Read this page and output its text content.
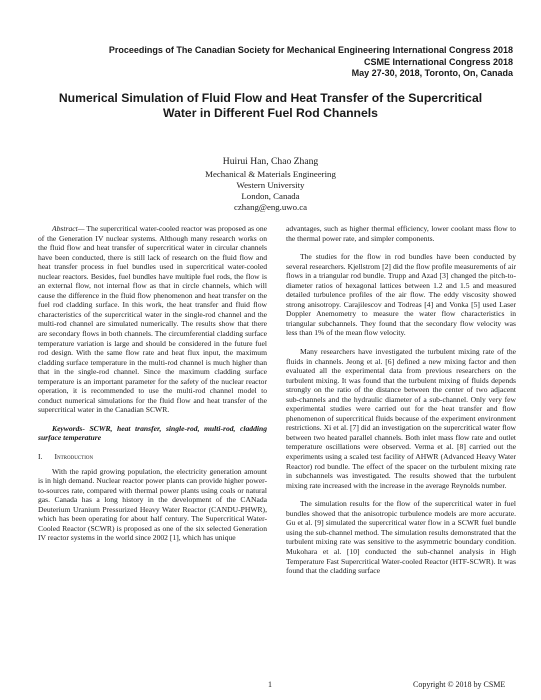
Proceedings of The Canadian Society for Mechanical Engineering International Congress 2018
CSME International Congress 2018
May 27-30, 2018, Toronto, On, Canada
Numerical Simulation of Fluid Flow and Heat Transfer of the Supercritical
Water in Different Fuel Rod Channels
Huirui Han, Chao Zhang
Mechanical & Materials Engineering
Western University
London, Canada
czhang@eng.uwo.ca

Abstract— The supercritical water-cooled reactor was proposed as one of the Generation IV nuclear systems. Although many research works on the fluid flow and heat transfer of supercritical water in circular channels have been conducted, there is still lack of research on the fluid flow and heat transfer process in fuel bundles used in supercritical water-cooled nuclear reactors. Besides, fuel bundles have multiple fuel rods, the flow is an external flow, not internal flow as that in circle channels, which will cause the difference in the fluid flow phenomenon and heat transfer on the fuel rod cladding surface. In this work, the heat transfer and fluid flow characteristics of the supercritical water in the single-rod channel and the multi-rod channel are simulated numerically. The results show that there are secondary flows in both channels. The circumferential cladding surface temperature variation is large and should be considered in the future fuel rod design. With the same flow rate and heat flux input, the maximum cladding surface temperature in the multi-rod channel is much higher than that in the single-rod channel. Since the maximum cladding surface temperature is an important parameter for the safety of the nuclear reactor operation, it is recommended to use the multi-rod channel model to conduct numerical simulations for the fluid flow and heat transfer of the supercritical water in the Canadian SCWR.

Keywords- SCWR, heat transfer, single-rod, multi-rod, cladding surface temperature

I. Introduction

With the rapid growing population, the electricity generation amount is in high demand. Nuclear reactor power plants can provide higher power-to-sources rate, compared with thermal power plants using coals or natural gas. Canada has a long history in the development of the CANada Deuterium Uranium Pressurized Heavy Water Reactor (CANDU-PHWR), which has been operating for about half century. The Supercritical Water-Cooled Reactor (SCWR) is proposed as one of the six selected Generation IV reactor systems in the world since 2002 [1], which has unique

advantages, such as higher thermal efficiency, lower coolant mass flow to the thermal power rate, and simpler components.

The studies for the flow in rod bundles have been conducted by several researchers. Kjellstrom [2] did the flow profile measurements of air flows in a triangular rod bundle. Trupp and Azad [3] changed the pitch-to-diameter ratios of hexagonal lattices between 1.2 and 1.5 and measured detailed turbulence profiles of the air flow. The eddy viscosity showed strong anisotropy. Carajilescov and Todreas [4] and Vonka [5] used Laser Doppler Anemometry to measure the water flow characteristics in triangular subchannels. They found that the secondary flow velocity was less than 1% of the mean flow velocity.

Many researchers have investigated the turbulent mixing rate of the fluids in channels. Jeong et al. [6] defined a new mixing factor and then evaluated all the experimental data from previous researchers on the turbulent mixing. It was found that the turbulent mixing of fluids depends strongly on the ratio of the distance between the center of two adjacent sub-channels and the hydraulic diameter of a sub-channel. Only very few experimental studies were carried out for the heat transfer and flow phenomenon of supercritical fluids because of the experiment environment restrictions. Xi et al. [7] did an investigation on the supercritical water flow between two heated parallel channels. Both inlet mass flow rate and outlet temperature oscillations were observed. Verma et al. [8] carried out the experiments using a scaled test facility of AHWR (Advanced Heavy Water Reactor) rod bundle. The effect of the spacer on the turbulent mixing rate in subchannels was investigated. The results showed that the turbulent mixing rate increased with the increase in the average Reynolds number.

The simulation results for the flow of the supercritical water in fuel bundles showed that the anisotropic turbulence models are more accurate. Gu et al. [9] simulated the supercritical water flow in a SCWR fuel bundle using the sub-channel method. The simulation results demonstrated that the turbulent mixing rate was sensitive to the asymmetric boundary condition. Mukohara et al. [10] conducted the sub-channel analysis in High Temperature Fast Supercritical Water-cooled Reactor (HTF-SCWR). It was found that the cladding surface

1	Copyright © 2018 by CSME
